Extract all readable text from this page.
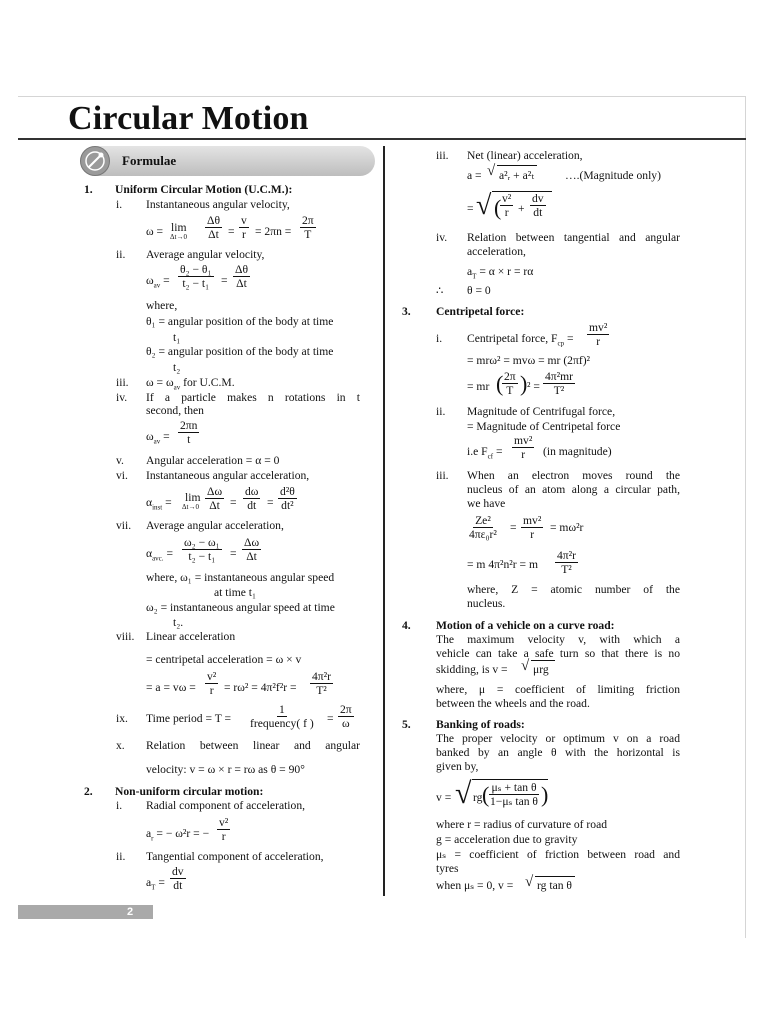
Circular Motion
Formulae
1. Uniform Circular Motion (U.C.M.):
i. Instantaneous angular velocity,
ω = lim
$\Delta t\to 0 \frac{\Delta\theta}{\Delta t} = \frac{v}{r} = 2\pi n = \frac{2\pi}{T}$
ii. Average angular velocity,
$\omega_{av} = \frac{\text{θ₂ − θ₁}}{\text{t₂ − t₁}} = \frac{\Delta\theta}{\Delta t}$
where,
θ₁ = angular position of the body at time
t₁
θ₂ = angular position of the body at time
t₂
iii. $\omega = \omega_{av}$ for U.C.M.
iv. If a particle makes n rotations in t
second, then
$\omega_{av} = \frac{2\pi n}{t}$
v. Angular acceleration = α = 0
vi. Instantaneous angular acceleration,
$\alpha_{inst} = \lim$
$\Delta t\to 0 \frac{\Delta\omega}{\Delta t} = \frac{d\omega}{dt} = \frac{\text{d²θ}}{\text{dt²}}$
vii. Average angular acceleration,
$\alpha_{avc.} = \frac{\text{ω₂ − ω₁}}{\text{t₂ − t₁}} = \frac{\Delta\omega}{\Delta t}$
where, ω₁ = instantaneous angular speed
at time t₁
ω₂ = instantaneous angular speed at time
t₂.
viii. Linear acceleration
= centripetal acceleration = ω × v
= $a = v\omega = \frac{\text{v²}}{r} = r\omega^2 = 4\pi^2f^2r = \frac{\text{4π²r}}{\text{T²}}$
ix. Time period = T =
1
frequency( f ) = $\frac{2\pi}{\omega}$
x. Relation between linear and angular
velocity: v = ω × r = rω as θ = 90°
2. Non-uniform circular motion:
i. Radial component of acceleration,
$a_r$ = − ω²r = − $\frac{\text{v²}}{r}$
ii. Tangential component of acceleration,
$a_T = \frac{dv}{dt}$
iii. Net (linear) acceleration,
a = √ a²ᵣ + a²ₜ	….(Magnitude only)
= √ (
$\frac{\text{v²}}{r} + \frac{dv}{dt}$
iv. Relation between tangential and angular
acceleration,
$a_T = \alpha \times r = r\alpha$
∴ θ = 0
3. Centripetal force:
i. Centripetal force, $F_{cp} = \frac{\text{mv²}}{r}$
= mrω² = mvω = mr (2πf)²
= mr (
$\frac{2\pi}{T}$ ) $^2 = \frac{\text{4π²mr}}{\text{T²}}$
ii. Magnitude of Centrifugal force,
= Magnitude of Centripetal force
i.e $F_{cf} = \frac{\text{mv²}}{r} (in$ magnitude)
iii. When an electron moves round the
nucleus of an atom along a circular path,
we have
$\frac{\text{Ze²}}{\text{4πε₀r²}} = \frac{\text{mv²}}{r} = m\omega^2r$
= m 4π²n²r = m $\frac{\text{4π²r}}{\text{T²}}$
where, Z = atomic number of the
nucleus.
4. Motion of a vehicle on a curve road:
The maximum velocity v, with which a
vehicle can take a safe turn so that there is no
skidding, is v = √ μrg
where, μ = coefficient of limiting friction
between the wheels and the road.
5. Banking of roads:
The proper velocity or optimum v on a road
banked by an angle θ with the horizontal is
given by,
v = √ rg (
$\frac{\text{μₛ + tan θ}}{\text{1−μₛ tan θ}}$ )
where r = radius of curvature of road
g = acceleration due to gravity
μₛ = coefficient of friction between road and
tyres
when μₛ = 0, v = √ rg tan θ
2
